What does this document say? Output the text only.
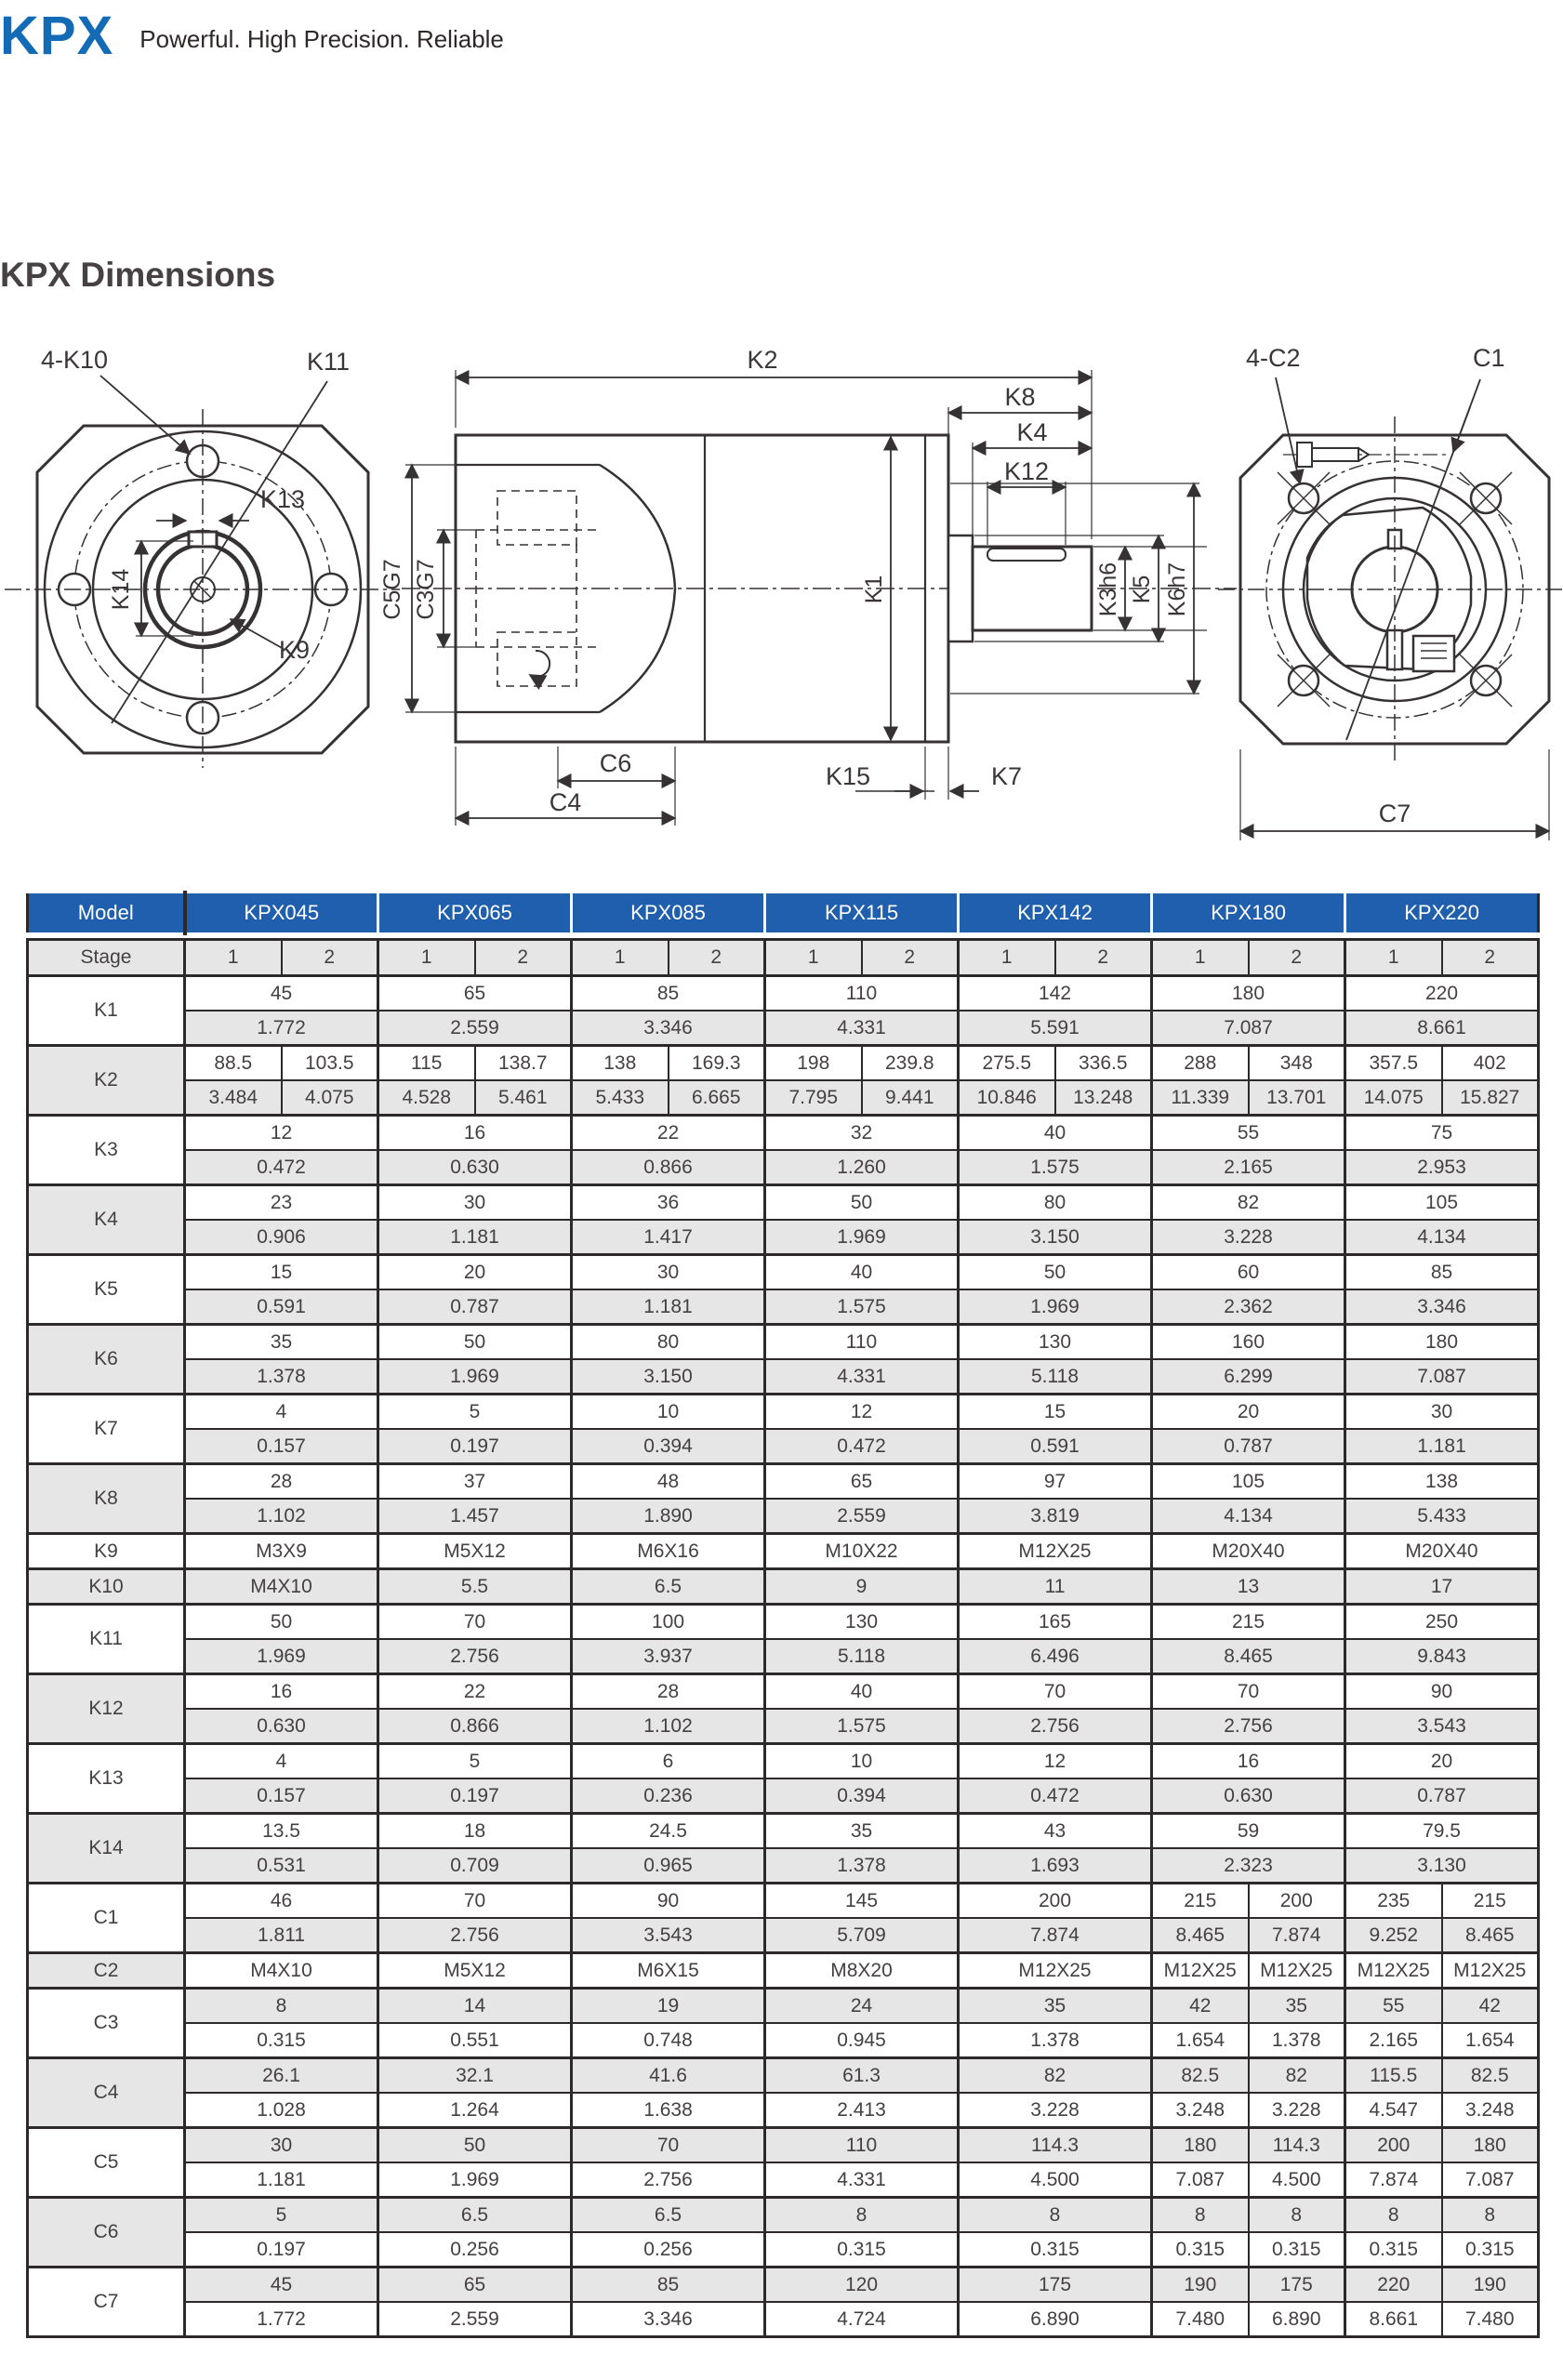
KPX Powerful. High Precision. Reliable
KPX Dimensions
4-K10	K11
K13
K14
K9
K2
K8
K4
K12
C5G7 C3G7	K1	K3h6 K5 K6h7
C6
C4
K15	K7
4-C2	C1
C7
Model	KPX045	KPX065	KPX085	KPX115	KPX142	KPX180	KPX220
Stage	1	2	1	2	1	2	1	2	1	2	1	2	1	2
K1	45		65		85		110		142		180		220	
	1.772		2.559		3.346		4.331		5.591		7.087		8.661	
K2	88.5	103.5	115	138.7	138	169.3	198	239.8	275.5	336.5	288	348	357.5	402
	3.484	4.075	4.528	5.461	5.433	6.665	7.795	9.441	10.846	13.248	11.339	13.701	14.075	15.827
K3	12		16		22		32		40		55		75	
	0.472		0.630		0.866		1.260		1.575		2.165		2.953	
K4	23		30		36		50		80		82		105	
	0.906		1.181		1.417		1.969		3.150		3.228		4.134	
K5	15		20		30		40		50		60		85	
	0.591		0.787		1.181		1.575		1.969		2.362		3.346	
K6	35		50		80		110		130		160		180	
	1.378		1.969		3.150		4.331		5.118		6.299		7.087	
K7	4		5		10		12		15		20		30	
	0.157		0.197		0.394		0.472		0.591		0.787		1.181	
K8	28		37		48		65		97		105		138	
	1.102		1.457		1.890		2.559		3.819		4.134		5.433	
K9	M3X9		M5X12		M6X16		M10X22		M12X25		M20X40		M20X40	
K10	M4X10		5.5		6.5		9		11		13		17	
K11	50		70		100		130		165		215		250	
	1.969		2.756		3.937		5.118		6.496		8.465		9.843	
K12	16		22		28		40		70		70		90	
	0.630		0.866		1.102		1.575		2.756		2.756		3.543	
K13	4		5		6		10		12		16		20	
	0.157		0.197		0.236		0.394		0.472		0.630		0.787	
K14	13.5		18		24.5		35		43		59		79.5	
	0.531		0.709		0.965		1.378		1.693		2.323		3.130	
C1	46		70		90		145		200		215	200	235	215
	1.811		2.756		3.543		5.709		7.874		8.465	7.874	9.252	8.465
C2	M4X10		M5X12		M6X15		M8X20		M12X25		M12X25	M12X25	M12X25	M12X25
C3	8		14		19		24		35		42	35	55	42
	0.315		0.551		0.748		0.945		1.378		1.654	1.378	2.165	1.654
C4	26.1		32.1		41.6		61.3		82		82.5	82	115.5	82.5
	1.028		1.264		1.638		2.413		3.228		3.248	3.228	4.547	3.248
C5	30		50		70		110		114.3		180	114.3	200	180
	1.181		1.969		2.756		4.331		4.500		7.087	4.500	7.874	7.087
C6	5		6.5		6.5		8		8		8	8	8	8
	0.197		0.256		0.256		0.315		0.315		0.315	0.315	0.315	0.315
C7	45		65		85		120		175		190	175	220	190
	1.772		2.559		3.346		4.724		6.890		7.480	6.890	8.661	7.480
